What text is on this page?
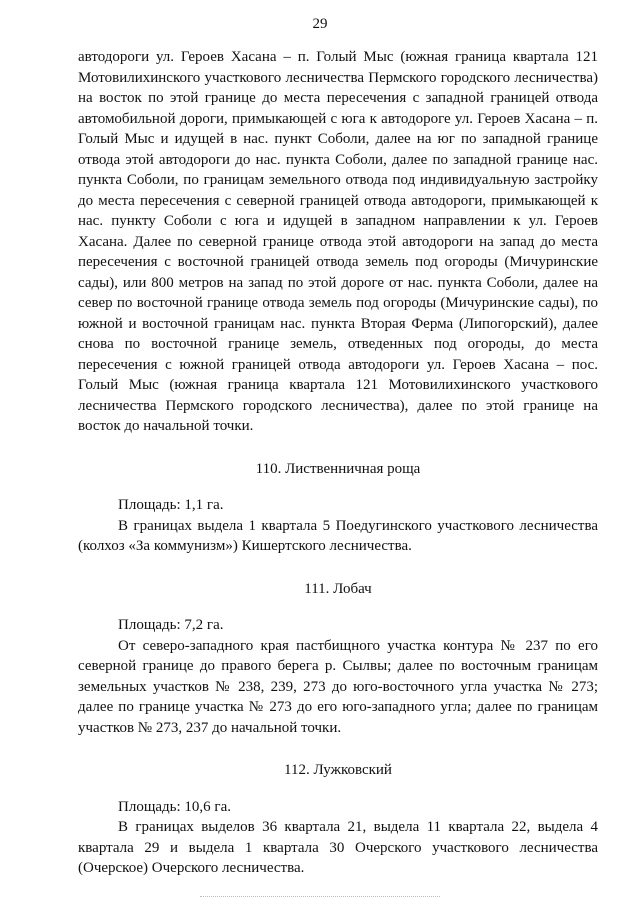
29

автодороги ул. Героев Хасана – п. Голый Мыс (южная граница квартала 121 Мотовилихинского участкового лесничества Пермского городского лесничества) на восток по этой границе до места пересечения с западной границей отвода автомобильной дороги, примыкающей с юга к автодороге ул. Героев Хасана – п. Голый Мыс и идущей в нас. пункт Соболи, далее на юг по западной границе отвода этой автодороги до нас. пункта Соболи, далее по западной границе нас. пункта Соболи, по границам земельного отвода под индивидуальную застройку до места пересечения с северной границей отвода автодороги, примыкающей к нас. пункту Соболи с юга и идущей в западном направлении к ул. Героев Хасана. Далее по северной границе отвода этой автодороги на запад до места пересечения с восточной границей отвода земель под огороды (Мичуринские сады), или 800 метров на запад по этой дороге от нас. пункта Соболи, далее на север по восточной границе отвода земель под огороды (Мичуринские сады), по южной и восточной границам нас. пункта Вторая Ферма (Липогорский), далее снова по восточной границе земель, отведенных под огороды, до места пересечения с южной границей отвода автодороги ул. Героев Хасана – пос. Голый Мыс (южная граница квартала 121 Мотовилихинского участкового лесничества Пермского городского лесничества), далее по этой границе на восток до начальной точки.

110. Лиственничная роща

Площадь: 1,1 га.

В границах выдела 1 квартала 5 Поедугинского участкового лесничества (колхоз «За коммунизм») Кишертского лесничества.

111. Лобач

Площадь: 7,2 га.

От северо-западного края пастбищного участка контура № 237 по его северной границе до правого берега р. Сылвы; далее по восточным границам земельных участков № 238, 239, 273 до юго-восточного угла участка № 273; далее по границе участка № 273 до его юго-западного угла; далее по границам участков № 273, 237 до начальной точки.

112. Лужковский

Площадь: 10,6 га.

В границах выделов 36 квартала 21, выдела 11 квартала 22, выдела 4 квартала 29 и выдела 1 квартала 30 Очерского участкового лесничества (Очерское) Очерского лесничества.
